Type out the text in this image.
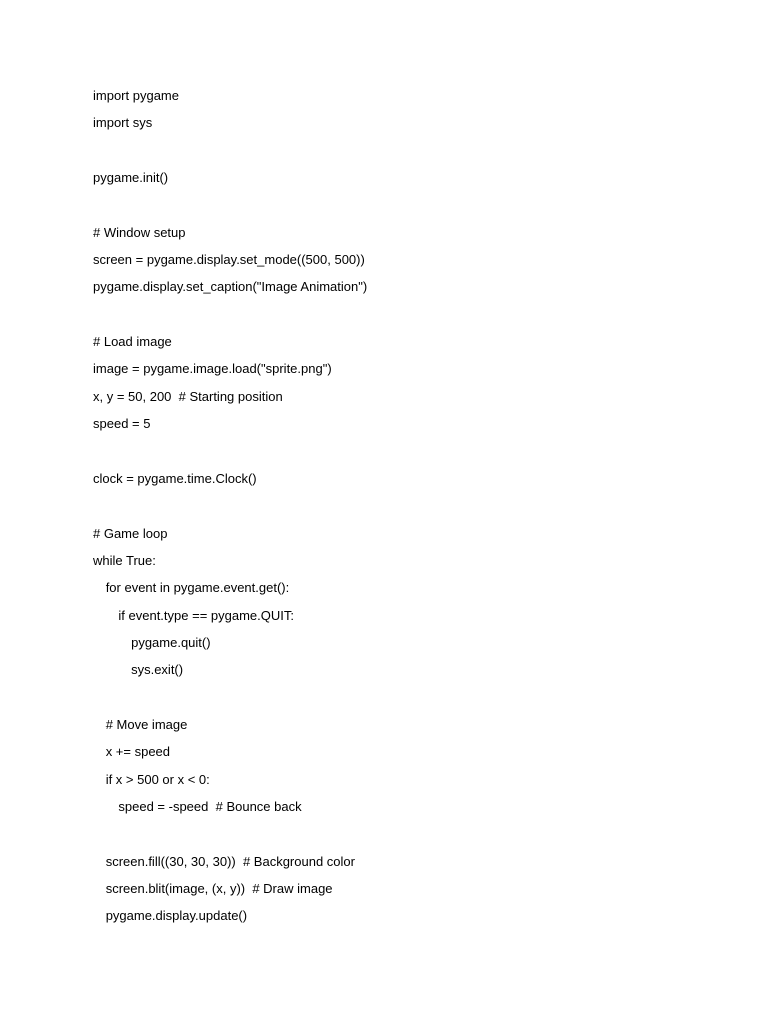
import pygame
import sys
pygame.init()
# Window setup
screen = pygame.display.set_mode((500, 500))
pygame.display.set_caption("Image Animation")
# Load image
image = pygame.image.load("sprite.png")
x, y = 50, 200  # Starting position
speed = 5
clock = pygame.time.Clock()
# Game loop
while True:
for event in pygame.event.get():
if event.type == pygame.QUIT:
pygame.quit()
sys.exit()
# Move image
x += speed
if x > 500 or x < 0:
speed = -speed  # Bounce back
screen.fill((30, 30, 30))  # Background color
screen.blit(image, (x, y))  # Draw image
pygame.display.update()
